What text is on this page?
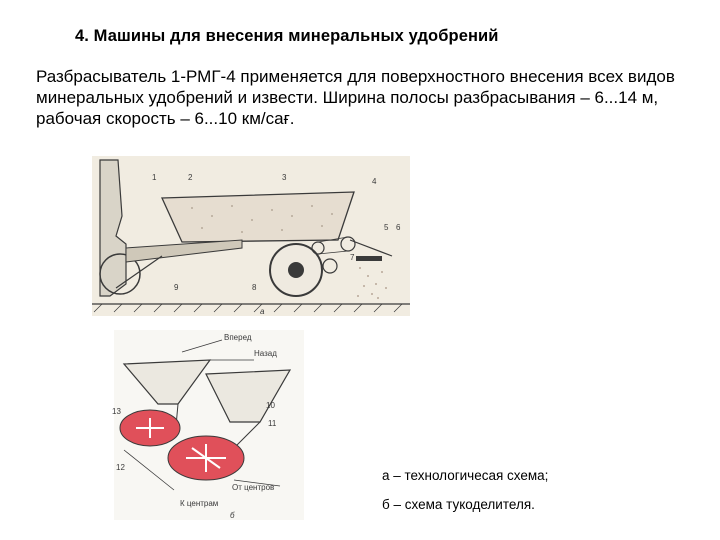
4. Машины для внесения минеральных удобрений
Разбрасыватель 1-РМГ-4 применяется для поверхностного внесения всех видов минеральных удобрений и извести. Ширина полосы разбрасывания – 6...14 м, рабочая скорость – 6...10 км/сағ.
1	2	3	4
5 6
7
8
9
a
Вперед
Назад
10
11
12
13
От центров
К центрам
б
а – технологичесая схема;
б – схема тукоделителя.
